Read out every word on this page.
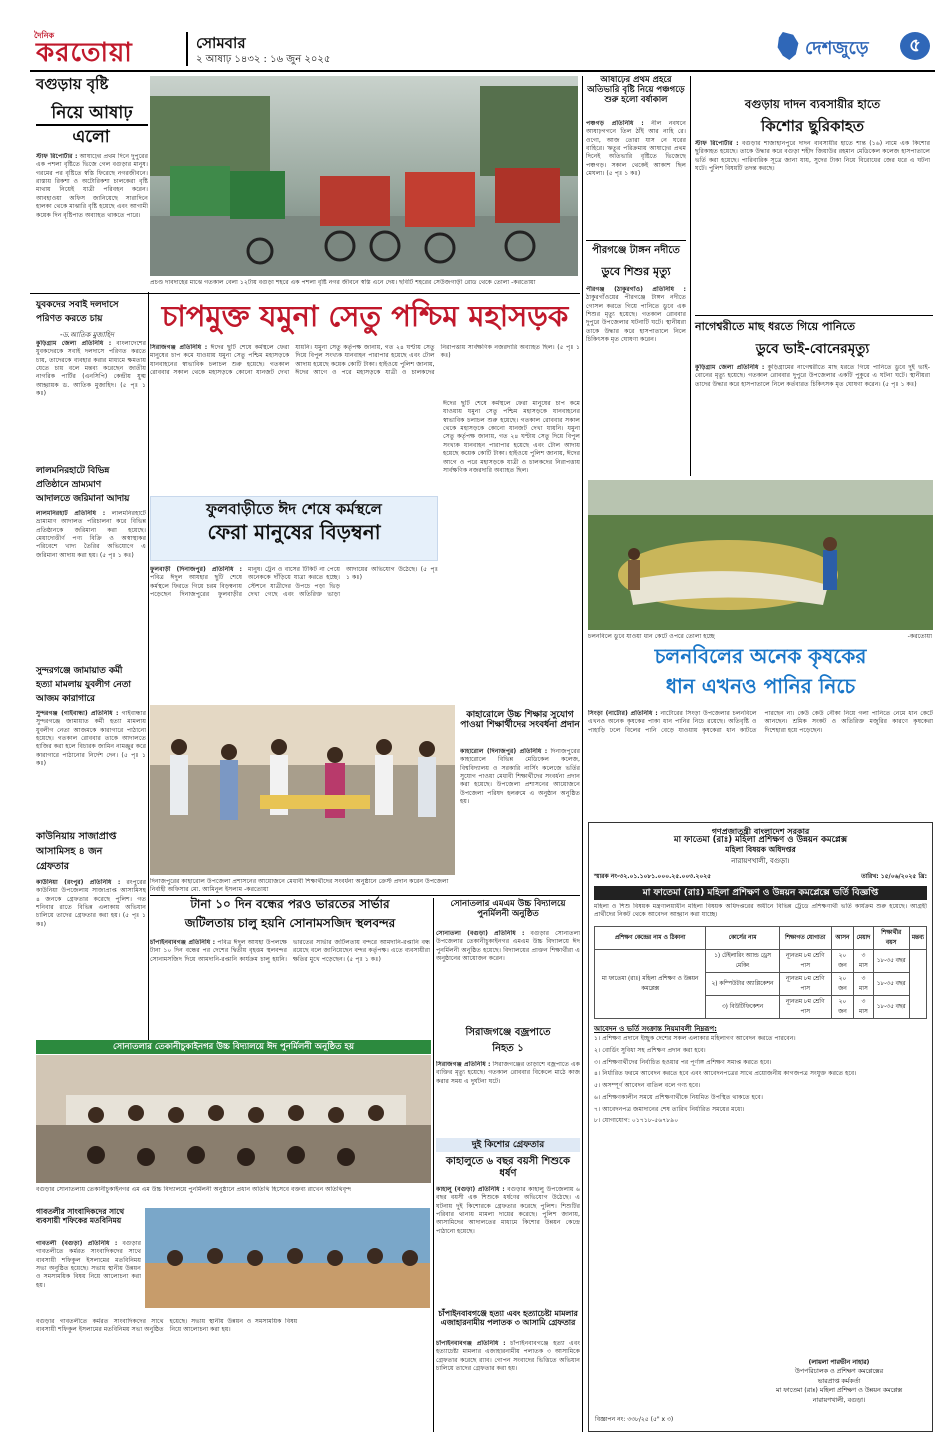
দৈনিক
করতোয়া	সোমবার
২ আষাঢ় ১৪৩২ : ১৬ জুন ২০২৫
দেশজুড়ে	৫
বগুড়ায় বৃষ্টি
নিয়ে আষাঢ়
এলো
স্টাফ রিপোর্টার : আষাঢ়ের প্রথম দিনে দুপুরের এক পশলা বৃষ্টিতে ভিজে গেল বগুড়ার মানুষ। গরমের পর বৃষ্টিতে স্বস্তি ফিরেছে নগরজীবনে। রাস্তায় রিকশা ও অটোরিকশা চালকেরা বৃষ্টি মাথায় নিয়েই যাত্রী পরিবহন করেন। আবহাওয়া অফিস জানিয়েছে সারাদিনে হালকা থেকে মাঝারি বৃষ্টি হয়েছে এবং আগামী কয়েক দিন বৃষ্টিপাত অব্যাহত থাকতে পারে।
প্রচণ্ড দাবদাহের মাঝে গতকাল বেলা ১২টায় বগুড়া শহরে এক পশলা বৃষ্টি নগর জীবনে স্বস্তি এনে দেয়। ছবিটি শহরের সেউজগাড়ী রোড থেকে তোলা -করতোয়া
আষাঢ়ের প্রথম প্রহরে অতিভারি বৃষ্টি নিয়ে পঞ্চগড়ে শুরু হলো বর্ষাকাল
পঞ্চগড় প্রতিনিধি : নীল নবঘনে আষাঢ়গগনে তিল ঠাঁই আর নাহি রে। ওগো, আজ তোরা যাস নে ঘরের বাহিরে। ঋতুর পরিক্রমায় আষাঢ়ের প্রথম দিনেই অতিভারি বৃষ্টিতে ভিজেছে পঞ্চগড়। সকাল থেকেই আকাশ ছিল মেঘলা। (৫ পৃঃ ১ কঃ)
পীরগঞ্জে টাঙ্গন নদীতে
ডুবে শিশুর মৃত্যু
পীরগঞ্জ (ঠাকুরগাঁও) প্রতিনিধি : ঠাকুরগাঁওয়ের পীরগঞ্জে টাঙ্গন নদীতে গোসল করতে গিয়ে পানিতে ডুবে এক শিশুর মৃত্যু হয়েছে। গতকাল রোববার দুপুরে উপজেলার ঘটনাটি ঘটে। স্থানীয়রা তাকে উদ্ধার করে হাসপাতালে নিলে চিকিৎসক মৃত ঘোষণা করেন।
বগুড়ায় দাদন ব্যবসায়ীর হাতে
কিশোর ছুরিকাহত
স্টাফ রিপোর্টার : বগুড়ার শাজাহানপুরে দাদন ব্যবসায়ীর হাতে শান্ত (১৬) নামে এক কিশোর ছুরিকাহত হয়েছে। তাকে উদ্ধার করে বগুড়া শহীদ জিয়াউর রহমান মেডিকেল কলেজ হাসপাতালে ভর্তি করা হয়েছে। পারিবারিক সূত্রে জানা যায়, সুদের টাকা নিয়ে বিরোধের জের ধরে এ ঘটনা ঘটে। পুলিশ বিষয়টি তদন্ত করছে।
নাগেশ্বরীতে মাছ ধরতে গিয়ে পানিতে
ডুবে ভাই-বোনেরমৃত্যু
কুড়িগ্রাম জেলা প্রতিনিধি : কুড়িগ্রামের নাগেশ্বরীতে মাছ ধরতে গিয়ে পানিতে ডুবে দুই ভাই-বোনের মৃত্যু হয়েছে। গতকাল রোববার দুপুরে উপজেলার একটি পুকুরে এ ঘটনা ঘটে। স্থানীয়রা তাদের উদ্ধার করে হাসপাতালে নিলে কর্তব্যরত চিকিৎসক মৃত ঘোষণা করেন। (৫ পৃঃ ১ কঃ)
যুবকদের সবাই দলদাসে
পরিণত করতে চায়
-ড.আতিক মুজাহিদ
কুড়িগ্রাম জেলা প্রতিনিধি : বাংলাদেশের যুবকদেরকে সবাই দলদাসে পরিণত করতে চায়, তাদেরকে ব্যবহার করার মাধ্যমে ক্ষমতায় যেতে চায় বলে মন্তব্য করেছেন জাতীয় নাগরিক পার্টির (এনসিপি) কেন্দ্রীয় যুগ্ম আহ্বায়ক ড. আতিক মুজাহিদ। (৫ পৃঃ ১ কঃ)
লালমনিরহাটে বিভিন্ন
প্রতিষ্ঠানে ভ্রাম্যমাণ
আদালতে জরিমানা আদায়
লালমনিরহাট প্রতিনিধি : লালমনিরহাটে ভ্রাম্যমাণ আদালত পরিচালনা করে বিভিন্ন প্রতিষ্ঠানকে জরিমানা করা হয়েছে। মেয়াদোত্তীর্ণ পণ্য বিক্রি ও অস্বাস্থ্যকর পরিবেশে খাদ্য তৈরির অভিযোগে এ জরিমানা আদায় করা হয়। (৫ পৃঃ ১ কঃ)
সুন্দরগঞ্জে জামায়াত কর্মী
হত্যা মামলায় যুবলীগ নেতা
আজম কারাগারে
সুন্দরগঞ্জ (গাইবান্ধা) প্রতিনিধি : গাইবান্ধার সুন্দরগঞ্জে জামায়াত কর্মী হত্যা মামলায় যুবলীগ নেতা আজমকে কারাগারে পাঠানো হয়েছে। গতকাল রোববার তাকে আদালতে হাজির করা হলে বিচারক জামিন নামঞ্জুর করে কারাগারে পাঠানোর নির্দেশ দেন। (৫ পৃঃ ১ কঃ)
কাউনিয়ায় সাজাপ্রাপ্ত
আসামিসহ ৪ জন
গ্রেফতার
কাউনিয়া (রংপুর) প্রতিনিধি : রংপুরের কাউনিয়া উপজেলায় সাজাপ্রাপ্ত আসামিসহ ৪ জনকে গ্রেফতার করেছে পুলিশ। গত শনিবার রাতে বিভিন্ন এলাকায় অভিযান চালিয়ে তাদের গ্রেফতার করা হয়। (৫ পৃঃ ১ কঃ)
চাপমুক্ত যমুনা সেতু পশ্চিম মহাসড়ক
সিরাজগঞ্জ প্রতিনিধি : ঈদের ছুটি শেষে কর্মস্থলে ফেরা মানুষের চাপ কমে যাওয়ায় যমুনা সেতু পশ্চিম মহাসড়কে যানবাহনের স্বাভাবিক চলাচল শুরু হয়েছে। গতকাল রোববার সকাল থেকে মহাসড়কে কোনো যানজট দেখা যায়নি। যমুনা সেতু কর্তৃপক্ষ জানায়, গত ২৪ ঘণ্টায় সেতু দিয়ে বিপুল সংখ্যক যানবাহন পারাপার হয়েছে এবং টোল আদায় হয়েছে কয়েক কোটি টাকা। হাইওয়ে পুলিশ জানায়, ঈদের আগে ও পরে মহাসড়কে যাত্রী ও চালকদের নিরাপত্তায় সার্বক্ষণিক নজরদারি অব্যাহত ছিল। (৫ পৃঃ ১ কঃ)
ফুলবাড়ীতে ঈদ শেষে কর্মস্থলে
ফেরা মানুষের বিড়ম্বনা
ফুলবাড়ী (দিনাজপুর) প্রতিনিধি : পবিত্র ঈদুল আযহার ছুটি শেষে কর্মস্থলে ফিরতে গিয়ে চরম বিড়ম্বনায় পড়েছেন দিনাজপুরের ফুলবাড়ীর মানুষ। ট্রেন ও বাসের টিকিট না পেয়ে অনেককে দাঁড়িয়ে যাত্রা করতে হচ্ছে। স্টেশনে যাত্রীদের উপচে পড়া ভিড় দেখা গেছে এবং অতিরিক্ত ভাড়া আদায়ের অভিযোগ উঠেছে। (৫ পৃঃ ১ কঃ)
ঈদের ছুটি শেষে কর্মস্থলে ফেরা মানুষের চাপ কমে যাওয়ায় যমুনা সেতু পশ্চিম মহাসড়কে যানবাহনের স্বাভাবিক চলাচল শুরু হয়েছে। গতকাল রোববার সকাল থেকে মহাসড়কে কোনো যানজট দেখা যায়নি। যমুনা সেতু কর্তৃপক্ষ জানায়, গত ২৪ ঘণ্টায় সেতু দিয়ে বিপুল সংখ্যক যানবাহন পারাপার হয়েছে এবং টোল আদায় হয়েছে কয়েক কোটি টাকা। হাইওয়ে পুলিশ জানায়, ঈদের আগে ও পরে মহাসড়কে যাত্রী ও চালকদের নিরাপত্তায় সার্বক্ষণিক নজরদারি অব্যাহত ছিল।
চলনবিলে ডুবে যাওয়া ধান কেটে ওপরে তোলা হচ্ছে	-করতোয়া
চলনবিলের অনেক কৃষকের
ধান এখনও পানির নিচে
সিংড়া (নাটোর) প্রতিনিধি : নাটোরের সিংড়া উপজেলার চলনবিলে এখনও অনেক কৃষকের পাকা ধান পানির নিচে রয়েছে। অতিবৃষ্টি ও পাহাড়ি ঢলে বিলের পানি বেড়ে যাওয়ায় কৃষকেরা ধান কাটতে পারছেন না। কেউ কেউ নৌকা নিয়ে গলা পানিতে নেমে ধান কেটে আনছেন। শ্রমিক সংকট ও অতিরিক্ত মজুরির কারণে কৃষকেরা দিশেহারা হয়ে পড়েছেন।
দিনাজপুরের কাহারোল উপজেলা প্রশাসনের আয়োজনে মেধাবী শিক্ষার্থীদের সংবর্ধনা অনুষ্ঠানে ক্রেস্ট প্রদান করেন উপজেলা নির্বাহী অফিসার মো. আমিনুল ইসলাম -করতোয়া
কাহারোলে উচ্চ শিক্ষার সুযোগ পাওয়া শিক্ষার্থীদের সংবর্ধনা প্রদান
কাহারোল (দিনাজপুর) প্রতিনিধি : দিনাজপুরের কাহারোলে বিভিন্ন মেডিকেল কলেজ, বিশ্ববিদ্যালয় ও সরকারি নার্সিং কলেজে ভর্তির সুযোগ পাওয়া মেধাবী শিক্ষার্থীদের সংবর্ধনা প্রদান করা হয়েছে। উপজেলা প্রশাসনের আয়োজনে উপজেলা পরিষদ হলরুমে এ অনুষ্ঠান অনুষ্ঠিত হয়।
গণপ্রজাতন্ত্রী বাংলাদেশ সরকার
মা ফাতেমা (রাঃ) মহিলা প্রশিক্ষণ ও উন্নয়ন কমপ্লেক্স
মহিলা বিষয়ক অধিদপ্তর
নারায়ণখালী, বগুড়া।
স্মারক নং-৩২.০১.১০৮১.০০০.২৫.০০৩.২০২৫	তারিখ: ১৫/০৬/২০২৫ খ্রি:
মা ফাতেমা (রাঃ) মহিলা প্রশিক্ষণ ও উন্নয়ন কমপ্লেক্সে ভর্তি বিজ্ঞপ্তি
মহিলা ও শিশু বিষয়ক মন্ত্রণালয়াধীন মহিলা বিষয়ক অধিদপ্তরের অধীনে বিভিন্ন ট্রেডে প্রশিক্ষণার্থী ভর্তি কার্যক্রম শুরু হয়েছে। আগ্রহী প্রার্থীদের নিকট থেকে আবেদন আহ্বান করা যাচ্ছে।
প্রশিক্ষণ কেন্দ্রের নাম ও ঠিকানা	কোর্সের নাম	শিক্ষাগত যোগ্যতা	আসন	মেয়াদ	শিক্ষার্থীর বয়স	মন্তব্য
মা ফাতেমা (রাঃ) মহিলা প্রশিক্ষণ ও উন্নয়ন কমপ্লেক্স	১) টেইলারিং অ্যান্ড ড্রেস মেকিং	ন্যূনতম ৮ম শ্রেণি পাস	২০ জন	৩ মাস	১৮-৩৫ বছর	
	২) কম্পিউটার অ্যাপ্লিকেশন	ন্যূনতম ৮ম শ্রেণি পাস	২০ জন	৩ মাস	১৮-৩৫ বছর	
	৩) বিউটিফিকেশন	ন্যূনতম ৮ম শ্রেণি পাস	২০ জন	৩ মাস	১৮-৩৫ বছর	
আবেদন ও ভর্তি সংক্রান্ত নিয়মাবলী নিম্নরূপ:
১। প্রশিক্ষণ প্রদানে ইচ্ছুক দেশের সকল এলাকার মহিলাগণ আবেদন করতে পারবেন।
২। বোর্ডিং সুবিধা সহ প্রশিক্ষণ প্রদান করা হবে।
৩। প্রশিক্ষণার্থীদের নির্বাচিত হওয়ার পর পূর্ণাঙ্গ প্রশিক্ষণ সমাপ্ত করতে হবে।
৪। নির্ধারিত ফরমে আবেদন করতে হবে এবং আবেদনপত্রের সাথে প্রয়োজনীয় কাগজপত্র সংযুক্ত করতে হবে।
৫। অসম্পূর্ণ আবেদন বাতিল বলে গণ্য হবে।
৬। প্রশিক্ষণকালীন সময়ে প্রশিক্ষণার্থীকে নিয়মিত উপস্থিত থাকতে হবে।
৭। আবেদনপত্র জমাদানের শেষ তারিখ নির্ধারিত সময়ের মধ্যে।
৮। যোগাযোগ: ০১৭১৮-৫৬৭৮৯০
(লায়লা পারভীন নাহার)
উপপরিচালক ও প্রশিক্ষণ কমপ্লেক্সের
ভারপ্রাপ্ত কর্মকর্তা
মা ফাতেমা (রাঃ) মহিলা প্রশিক্ষণ ও উন্নয়ন কমপ্লেক্স
নারায়ণখালী, বগুড়া।
বিজ্ঞাপন নং: ৩৩৮/২৫ (৫" x ৩)
টানা ১০ দিন বন্ধের পরও ভারতের সার্ভার
জটিলতায় চালু হয়নি সোনামসজিদ স্থলবন্দর
চাঁপাইনবাবগঞ্জ প্রতিনিধি : পবিত্র ঈদুল আযহা উপলক্ষে টানা ১০ দিন বন্ধের পর দেশের দ্বিতীয় বৃহত্তম স্থলবন্দর সোনামসজিদ দিয়ে আমদানি-রপ্তানি কার্যক্রম চালু হয়নি। ভারতের সার্ভার জটিলতায় বন্দরে আমদানি-রপ্তানি বন্ধ রয়েছে বলে জানিয়েছেন বন্দর কর্তৃপক্ষ। এতে ব্যবসায়ীরা ক্ষতির মুখে পড়েছেন। (৫ পৃঃ ১ কঃ)
সোনাতলার এমএম উচ্চ বিদ্যালয়ে পুনর্মিলনী অনুষ্ঠিত
সোনাতলা (বগুড়া) প্রতিনিধি : বগুড়ার সোনাতলা উপজেলার তেকানীচুকাইনগর এমএম উচ্চ বিদ্যালয়ে ঈদ পুনর্মিলনী অনুষ্ঠিত হয়েছে। বিদ্যালয়ের প্রাক্তন শিক্ষার্থীরা এ অনুষ্ঠানের আয়োজন করেন।
সিরাজগঞ্জে বজ্রপাতে
নিহত ১
সিরাজগঞ্জ প্রতিনিধি : সিরাজগঞ্জের তাড়াশে বজ্রপাতে এক ব্যক্তির মৃত্যু হয়েছে। গতকাল রোববার বিকেলে মাঠে কাজ করার সময় এ দুর্ঘটনা ঘটে।
সোনাতলার তেকানীচুকাইনগর উচ্চ বিদ্যালয়ে ঈদ পুনর্মিলনী অনুষ্ঠিত হয়
বগুড়ার সোনাতলায় তেকানীচুকাইনগর এম এম উচ্চ বিদ্যালয়ে পুনর্মিলনী অনুষ্ঠানে প্রধান অতিথি হিসেবে বক্তব্য রাখেন অতিথিবৃন্দ
দুই কিশোর গ্রেফতার
কাহালুতে ৬ বছর বয়সী শিশুকে ধর্ষণ
কাহালু (বগুড়া) প্রতিনিধি : বগুড়ার কাহালু উপজেলায় ৬ বছর বয়সী এক শিশুকে ধর্ষণের অভিযোগ উঠেছে। এ ঘটনায় দুই কিশোরকে গ্রেফতার করেছে পুলিশ। শিশুটির পরিবার থানায় মামলা দায়ের করেছে। পুলিশ জানায়, আসামিদের আদালতের মাধ্যমে কিশোর উন্নয়ন কেন্দ্রে পাঠানো হয়েছে।
গাবতলীর সাংবাদিকদের সাথে ব্যবসায়ী শফিকের মতবিনিময়
গাবতলী (বগুড়া) প্রতিনিধি : বগুড়ার গাবতলীতে কর্মরত সাংবাদিকদের সাথে ব্যবসায়ী শফিকুল ইসলামের মতবিনিময় সভা অনুষ্ঠিত হয়েছে। সভায় স্থানীয় উন্নয়ন ও সমসাময়িক বিষয় নিয়ে আলোচনা করা হয়।
চাঁপাইনবাবগঞ্জে হত্যা এবং হত্যাচেষ্টা মামলার এজাহারনামীয় পলাতক ৩ আসামি গ্রেফতার
বগুড়ার গাবতলীতে কর্মরত সাংবাদিকদের সাথে ব্যবসায়ী শফিকুল ইসলামের মতবিনিময় সভা অনুষ্ঠিত হয়েছে। সভায় স্থানীয় উন্নয়ন ও সমসাময়িক বিষয় নিয়ে আলোচনা করা হয়।
চাঁপাইনবাবগঞ্জ প্রতিনিধি : চাঁপাইনবাবগঞ্জে হত্যা এবং হত্যাচেষ্টা মামলার এজাহারনামীয় পলাতক ৩ আসামিকে গ্রেফতার করেছে র‍্যাব। গোপন সংবাদের ভিত্তিতে অভিযান চালিয়ে তাদের গ্রেফতার করা হয়।
